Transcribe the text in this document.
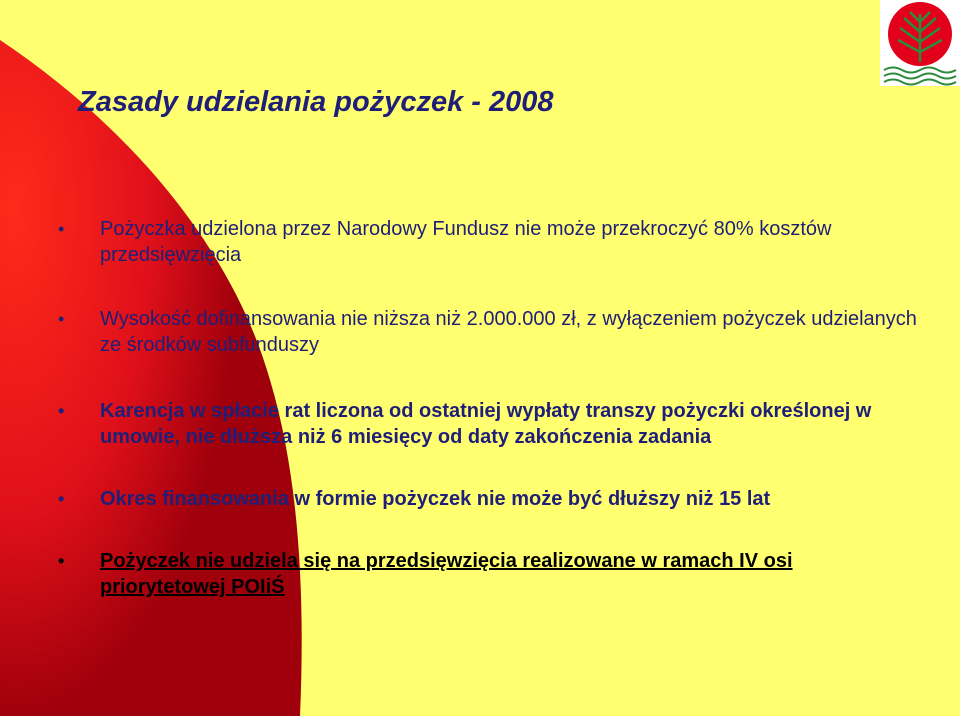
Zasady udzielania pożyczek - 2008
• Pożyczka udzielona przez Narodowy Fundusz nie może przekroczyć 80% kosztów przedsięwzięcia
• Wysokość dofinansowania nie niższa niż 2.000.000 zł, z wyłączeniem pożyczek udzielanych ze środków subfunduszy
• Karencja w spłacie rat liczona od ostatniej wypłaty transzy pożyczki określonej w umowie, nie dłuższa niż 6 miesięcy od daty zakończenia zadania
• Okres finansowania w formie pożyczek nie może być dłuższy niż 15 lat
• Pożyczek nie udziela się na przedsięwzięcia realizowane w ramach IV osi priorytetowej POIiŚ
